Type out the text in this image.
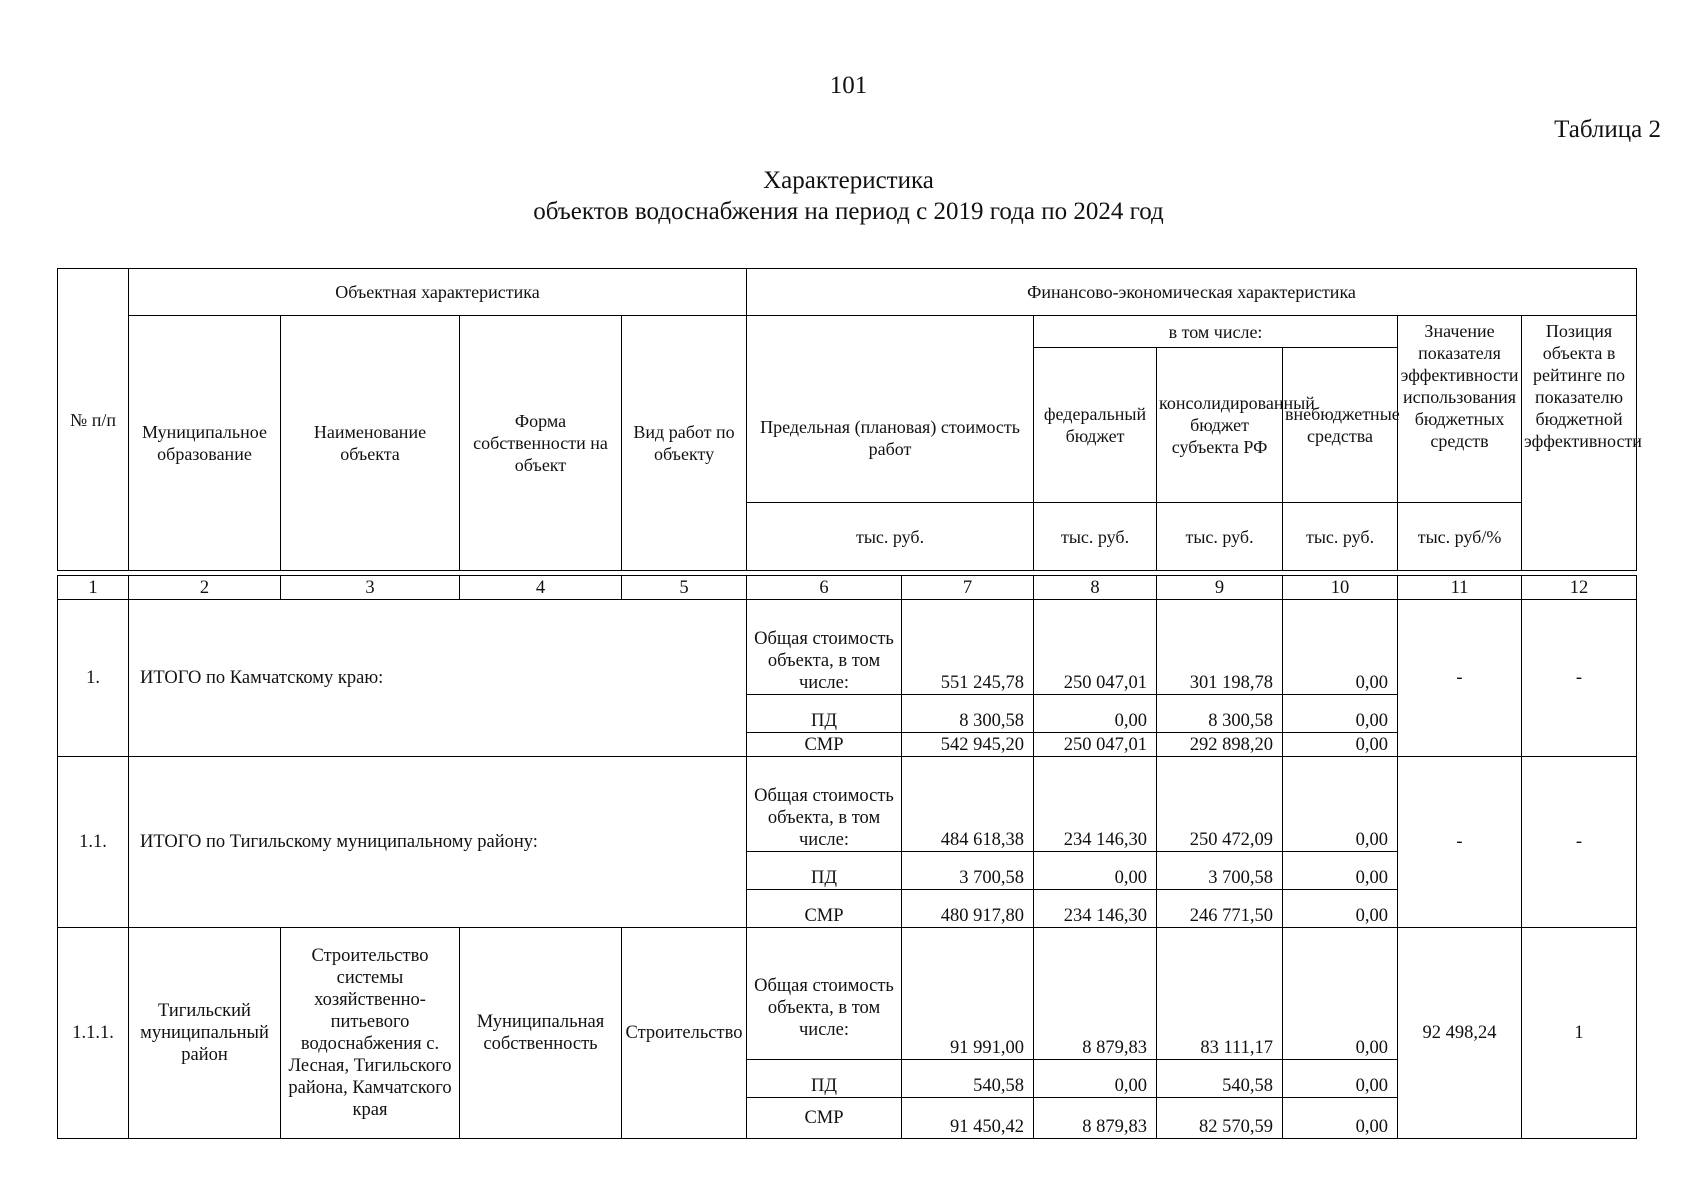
101
Таблица 2
Характеристика
объектов водоснабжения на период с 2019 года по 2024 год
№ п/п	Объектная характеристика				Финансово-экономическая характеристика					
	Муниципальное образование	Наименование объекта	Форма собственности на объект	Вид работ по объекту	Предельная (плановая) стоимость работ	в том числе:			Значение показателя эффективности использования бюджетных средств	Позиция объекта в рейтинге по показателю бюджетной эффективности
						федеральный бюджет	консолидированный бюджет субъекта РФ	внебюджетные средства		
					тыс. руб.	тыс. руб.	тыс. руб.	тыс. руб.	тыс. руб/%	
1	2	3	4	5	6	7	8	9	10	11	12
1.	ИТОГО по Камчатскому краю:				Общая стоимость объекта, в том числе:	551 245,78	250 047,01	301 198,78	0,00	-	-
					ПД	8 300,58	0,00	8 300,58	0,00		
					СМР	542 945,20	250 047,01	292 898,20	0,00		
1.1.	ИТОГО по Тигильскому муниципальному району:				Общая стоимость объекта, в том числе:	484 618,38	234 146,30	250 472,09	0,00	-	-
					ПД	3 700,58	0,00	3 700,58	0,00		
					СМР	480 917,80	234 146,30	246 771,50	0,00		
1.1.1.	Тигильский муниципальный район	Строительство системы хозяйственно-питьевого водоснабжения с. Лесная, Тигильского района, Камчатского края	Муниципальная собственность	Строительство	Общая стоимость объекта, в том числе:	91 991,00	8 879,83	83 111,17	0,00	92 498,24	1
					ПД	540,58	0,00	540,58	0,00		
					СМР	91 450,42	8 879,83	82 570,59	0,00		
